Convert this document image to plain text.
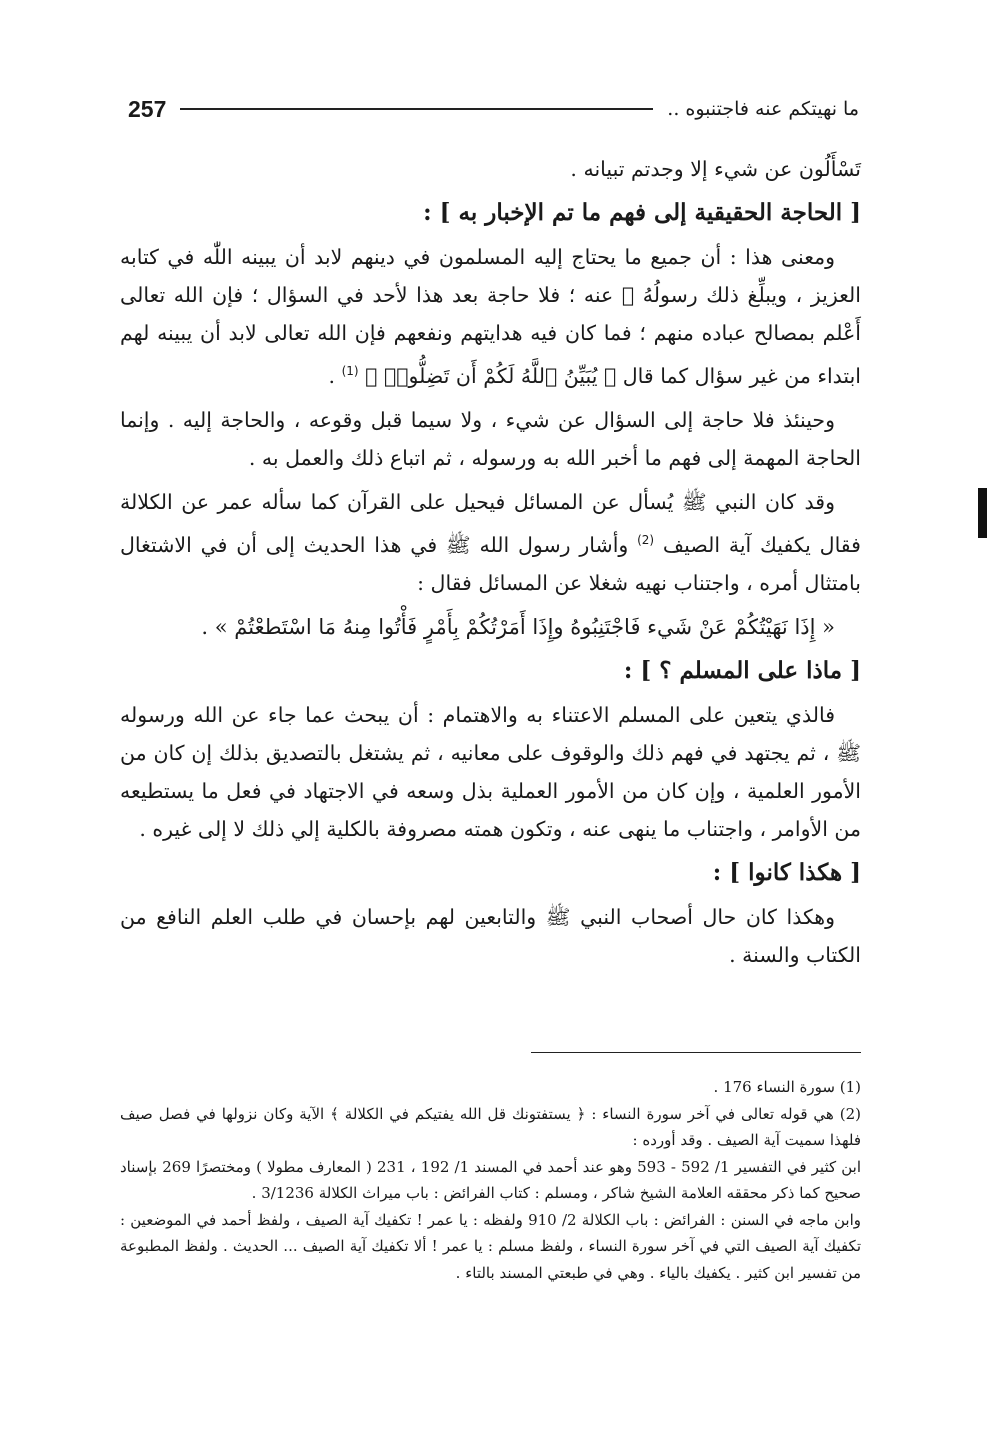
ما نهيتكم عنه فاجتنبوه ..
257

تَسْأَلُون عن شيء إلا وجدتم تبيانه .

[ الحاجة الحقيقية إلى فهم ما تم الإخبار به ] :

ومعنى هذا : أن جميع ما يحتاج إليه المسلمون في دينهم لابد أن يبينه اللّٰه في كتابه العزيز ، ويبلِّغ ذلك رسولُهُ ﷺ عنه ؛ فلا حاجة بعد هذا لأحد في السؤال ؛ فإن الله تعالى أَعْلم بمصالح عباده منهم ؛ فما كان فيه هدايتهم ونفعهم فإن الله تعالى لابد أن يبينه لهم ابتداء من غير سؤال كما قال ﴿ يُبَيِّنُ ٱللَّهُ لَكُمْ أَن تَضِلُّوا۟ ﴾ $^{(1)}$ .

وحينئذ فلا حاجة إلى السؤال عن شيء ، ولا سيما قبل وقوعه ، والحاجة إليه . وإنما الحاجة المهمة إلى فهم ما أخبر الله به ورسوله ، ثم اتباع ذلك والعمل به .

وقد كان النبي ﷺ يُسأل عن المسائل فيحيل على القرآن كما سأله عمر عن الكلالة فقال يكفيك آية الصيف $^{(2)}$ وأشار رسول الله ﷺ في هذا الحديث إلى أن في الاشتغال بامتثال أمره ، واجتناب نهيه شغلا عن المسائل فقال :

« إِذَا نَهَيْتُكُمْ عَنْ شَيء فَاجْتَنِبُوهُ وإِذَا أَمَرْتُكُمْ بِأَمْرٍ فَأْتُوا مِنهُ مَا اسْتَطعْتُمْ » .

[ ماذا على المسلم ؟ ] :

فالذي يتعين على المسلم الاعتناء به والاهتمام : أن يبحث عما جاء عن الله ورسوله ﷺ ، ثم يجتهد في فهم ذلك والوقوف على معانيه ، ثم يشتغل بالتصديق بذلك إن كان من الأمور العلمية ، وإن كان من الأمور العملية بذل وسعه في الاجتهاد في فعل ما يستطيعه من الأوامر ، واجتناب ما ينهى عنه ، وتكون همته مصروفة بالكلية إلي ذلك لا إلى غيره .

[ هكذا كانوا ] :

وهكذا كان حال أصحاب النبي ﷺ والتابعين لهم بإحسان في طلب العلم النافع من الكتاب والسنة .

(1) سورة النساء 176 .

(2) هي قوله تعالى في آخر سورة النساء : ﴿ يستفتونك قل الله يفتيكم في الكلالة ﴾ الآية وكان نزولها في فصل صيف فلهذا سميت آية الصيف . وقد أورده :

ابن كثير في التفسير 1/ 592 - 593 وهو عند أحمد في المسند 1/ 192 ، 231 ( المعارف مطولا ) ومختصرًا 269 بإسناد صحيح كما ذكر محققه العلامة الشيخ شاكر ، ومسلم : كتاب الفرائض : باب ميراث الكلالة 3/1236 .

وابن ماجه في السنن : الفرائض : باب الكلالة 2/ 910 ولفظه : يا عمر ! تكفيك آية الصيف ، ولفظ أحمد في الموضعين : تكفيك آية الصيف التي في آخر سورة النساء ، ولفظ مسلم : يا عمر ! ألا تكفيك آية الصيف ... الحديث . ولفظ المطبوعة من تفسير ابن كثير . يكفيك بالياء . وهي في طبعتي المسند بالتاء .
